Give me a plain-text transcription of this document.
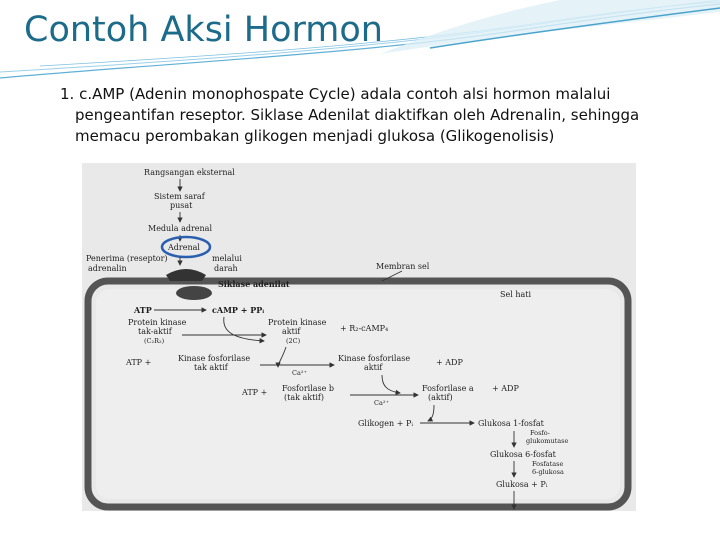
Contoh Aksi Hormon
1. c.AMP (Adenin monophospate Cycle) adala contoh alsi hormon malalui
pengeantifan reseptor. Siklase Adenilat diaktifkan oleh Adrenalin, sehingga
memacu perombakan glikogen menjadi glukosa (Glikogenolisis)
Rangsangan eksternal
Sistem saraf
pusat
Medula adrenal
Adrenal
Penerima (reseptor)
adrenalin
melalui
darah	Membran sel
Siklase adenilat
Sel hati
ATP	cAMP + PPᵢ
Protein kinase
tak-aktif
(C₂R₂)
Protein kinase
aktif
(2C)
+ R₂-cAMP₄
ATP +	Kinase fosforilase
tak aktif
Ca²⁺
Kinase fosforilase
aktif
+ ADP
ATP + Fosforilase b
(tak aktif)
Ca²⁺
Fosforilase a
(aktif)
+ ADP
Glikogen + Pᵢ	Glukosa 1-fosfat
Fosfo-
glukomutase
Glukosa 6-fosfat
Fosfatase
6-glukosa
Glukosa + Pᵢ
